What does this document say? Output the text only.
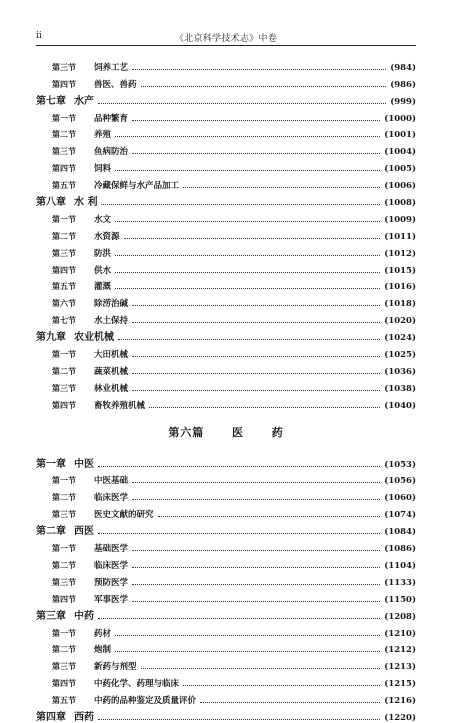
ii	《北京科学技术志》中卷
第三节	饲养工艺	(984)
第四节	兽医、兽药	(986)
第七章 水产	(999)
第一节	品种繁育	(1000)
第二节	养殖	(1001)
第三节	鱼病防治	(1004)
第四节	饲料	(1005)
第五节	冷藏保鲜与水产品加工	(1006)
第八章 水 利	(1008)
第一节	水文	(1009)
第二节	水资源	(1011)
第三节	防洪	(1012)
第四节	供水	(1015)
第五节	灌溉	(1016)
第六节	除涝治碱	(1018)
第七节	水土保持	(1020)
第九章 农业机械	(1024)
第一节	大田机械	(1025)
第二节	蔬菜机械	(1036)
第三节	林业机械	(1038)
第四节	畜牧养殖机械	(1040)
第六篇	医	药
第一章 中医	(1053)
第一节	中医基础	(1056)
第二节	临床医学	(1060)
第三节	医史文献的研究	(1074)
第二章 西医	(1084)
第一节	基础医学	(1086)
第二节	临床医学	(1104)
第三节	预防医学	(1133)
第四节	军事医学	(1150)
第三章 中药	(1208)
第一节	药材	(1210)
第二节	炮制	(1212)
第三节	新药与剂型	(1213)
第四节	中药化学、药理与临床	(1215)
第五节	中药的品种鉴定及质量评价	(1216)
第四章 西药	(1220)
